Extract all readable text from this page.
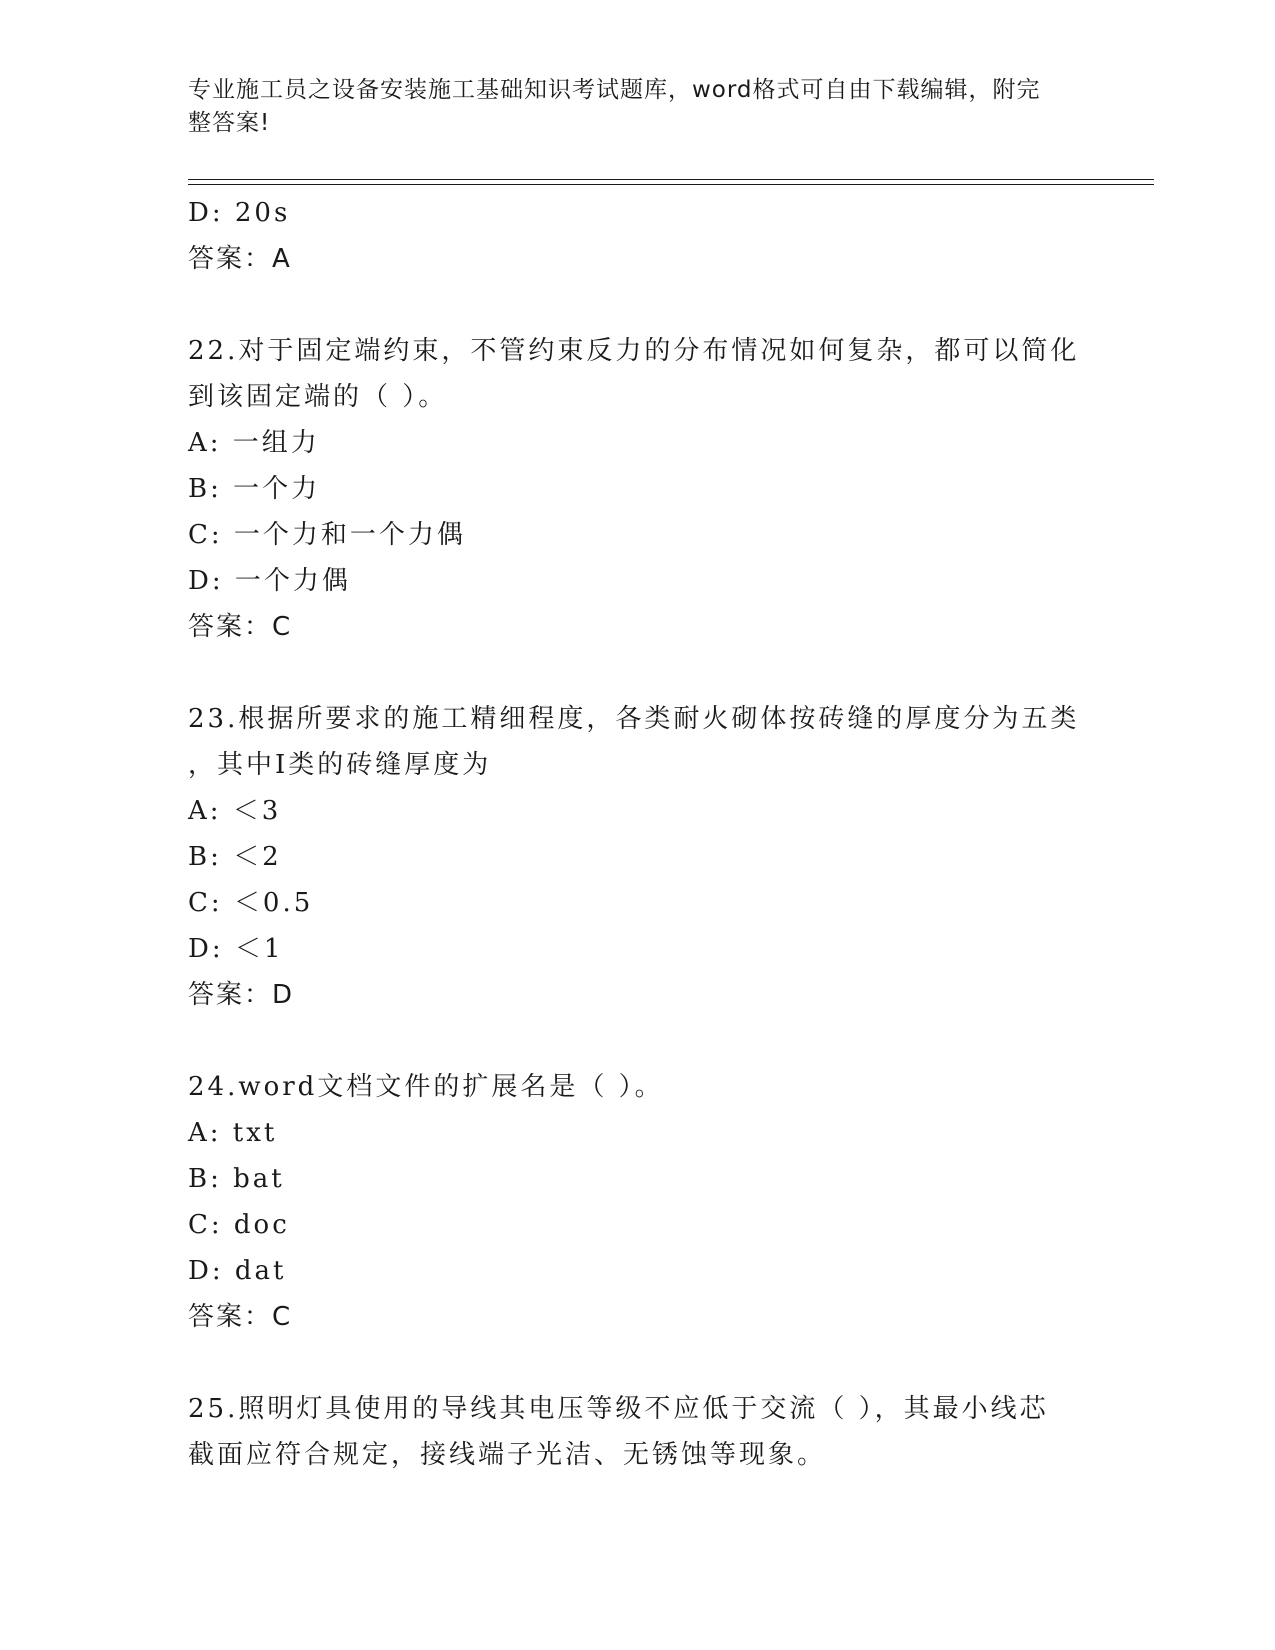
专业施工员之设备安装施工基础知识考试题库，word格式可自由下载编辑，附完
整答案!
D: 20s
答案：A
22.对于固定端约束，不管约束反力的分布情况如何复杂，都可以简化
到该固定端的（ ）。
A: 一组力
B: 一个力
C: 一个力和一个力偶
D: 一个力偶
答案：C
23.根据所要求的施工精细程度，各类耐火砌体按砖缝的厚度分为五类
，其中I类的砖缝厚度为
A: ＜3
B: ＜2
C: ＜0.5
D: ＜1
答案：D
24.word文档文件的扩展名是（ ）。
A: txt
B: bat
C: doc
D: dat
答案：C
25.照明灯具使用的导线其电压等级不应低于交流（ ），其最小线芯
截面应符合规定，接线端子光洁、无锈蚀等现象。
